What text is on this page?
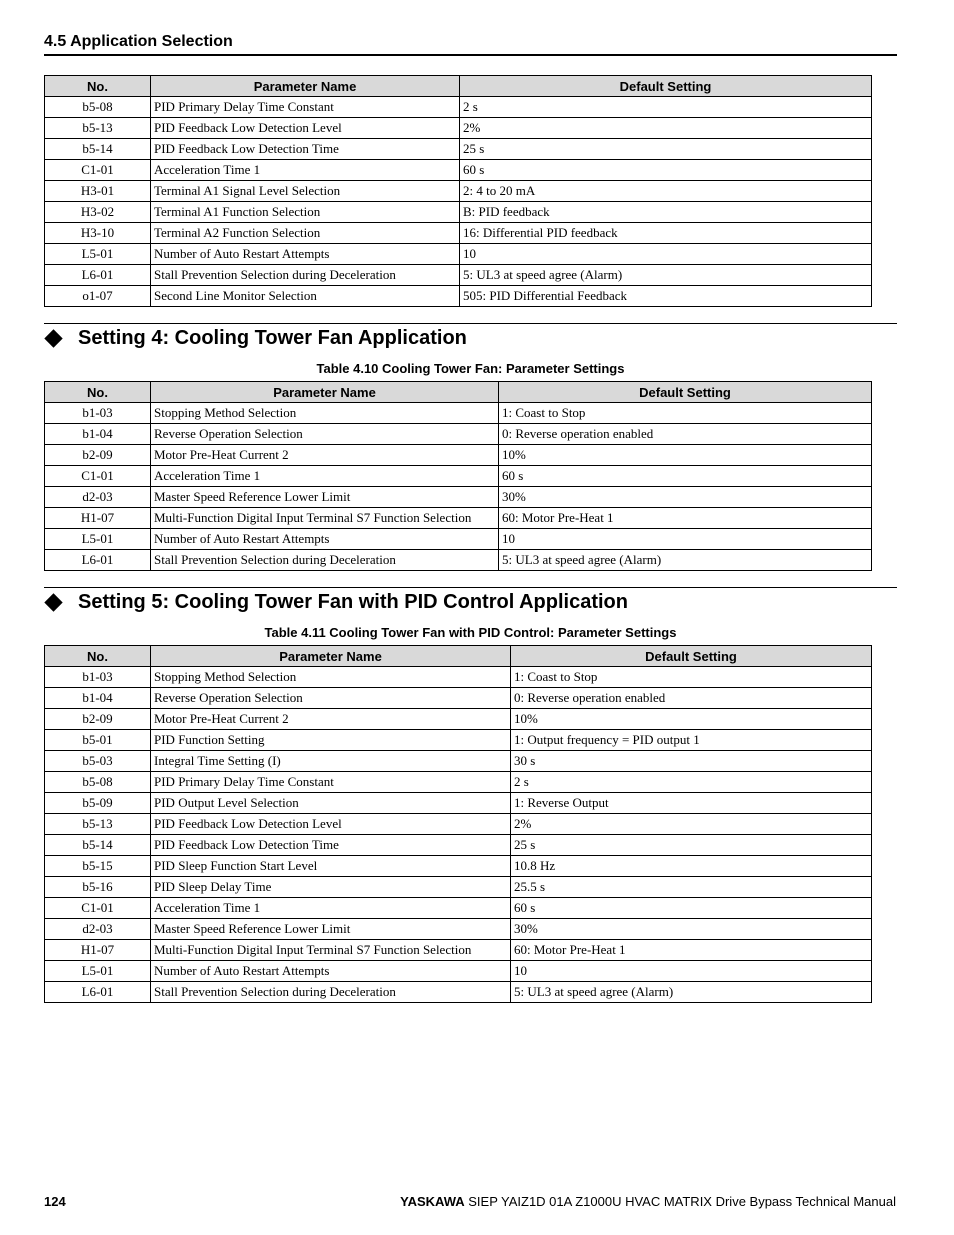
4.5 Application Selection
No.	Parameter Name	Default Setting
b5-08	PID Primary Delay Time Constant	2 s
b5-13	PID Feedback Low Detection Level	2%
b5-14	PID Feedback Low Detection Time	25 s
C1-01	Acceleration Time 1	60 s
H3-01	Terminal A1 Signal Level Selection	2: 4 to 20 mA
H3-02	Terminal A1 Function Selection	B: PID feedback
H3-10	Terminal A2 Function Selection	16: Differential PID feedback
L5-01	Number of Auto Restart Attempts	10
L6-01	Stall Prevention Selection during Deceleration	5: UL3 at speed agree (Alarm)
o1-07	Second Line Monitor Selection	505: PID Differential Feedback
Setting 4: Cooling Tower Fan Application
Table 4.10 Cooling Tower Fan: Parameter Settings
No.	Parameter Name	Default Setting
b1-03	Stopping Method Selection	1: Coast to Stop
b1-04	Reverse Operation Selection	0: Reverse operation enabled
b2-09	Motor Pre-Heat Current 2	10%
C1-01	Acceleration Time 1	60 s
d2-03	Master Speed Reference Lower Limit	30%
H1-07	Multi-Function Digital Input Terminal S7 Function Selection	60: Motor Pre-Heat 1
L5-01	Number of Auto Restart Attempts	10
L6-01	Stall Prevention Selection during Deceleration	5: UL3 at speed agree (Alarm)
Setting 5: Cooling Tower Fan with PID Control Application
Table 4.11 Cooling Tower Fan with PID Control: Parameter Settings
No.	Parameter Name	Default Setting
b1-03	Stopping Method Selection	1: Coast to Stop
b1-04	Reverse Operation Selection	0: Reverse operation enabled
b2-09	Motor Pre-Heat Current 2	10%
b5-01	PID Function Setting	1: Output frequency = PID output 1
b5-03	Integral Time Setting (I)	30 s
b5-08	PID Primary Delay Time Constant	2 s
b5-09	PID Output Level Selection	1: Reverse Output
b5-13	PID Feedback Low Detection Level	2%
b5-14	PID Feedback Low Detection Time	25 s
b5-15	PID Sleep Function Start Level	10.8 Hz
b5-16	PID Sleep Delay Time	25.5 s
C1-01	Acceleration Time 1	60 s
d2-03	Master Speed Reference Lower Limit	30%
H1-07	Multi-Function Digital Input Terminal S7 Function Selection	60: Motor Pre-Heat 1
L5-01	Number of Auto Restart Attempts	10
L6-01	Stall Prevention Selection during Deceleration	5: UL3 at speed agree (Alarm)
124	YASKAWA SIEP YAIZ1D 01A Z1000U HVAC MATRIX Drive Bypass Technical Manual
